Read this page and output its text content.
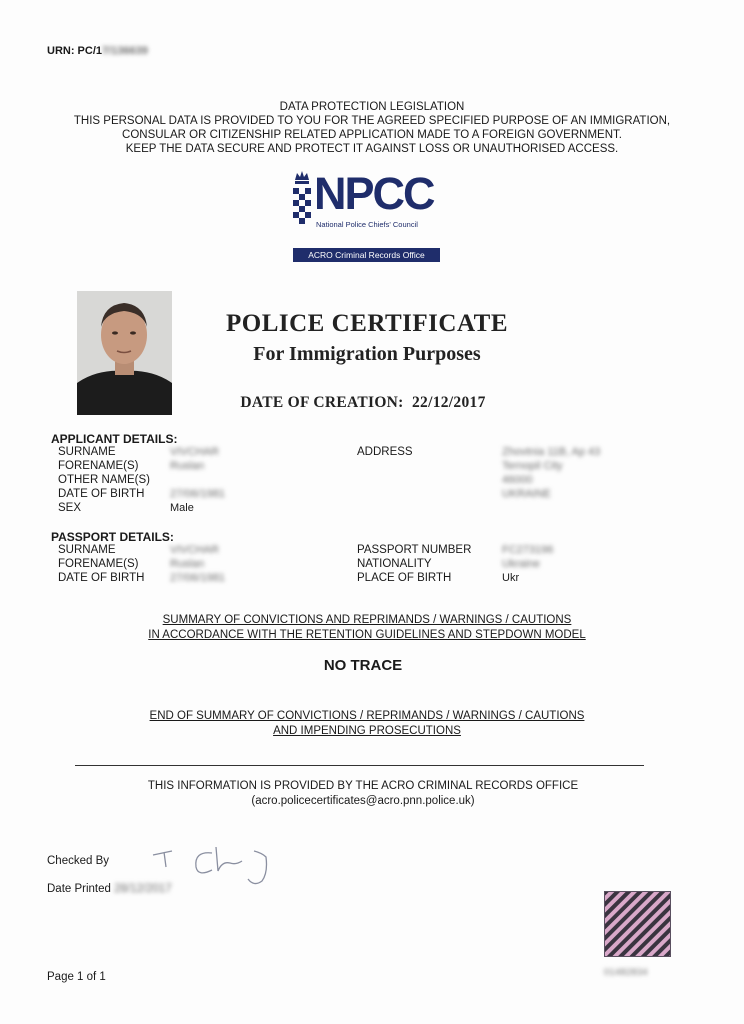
URN: PC/17/136639
DATA PROTECTION LEGISLATION
THIS PERSONAL DATA IS PROVIDED TO YOU FOR THE AGREED SPECIFIED PURPOSE OF AN IMMIGRATION,
CONSULAR OR CITIZENSHIP RELATED APPLICATION MADE TO A FOREIGN GOVERNMENT.
KEEP THE DATA SECURE AND PROTECT IT AGAINST LOSS OR UNAUTHORISED ACCESS.
NPCC
National Police Chiefs' Council
ACRO Criminal Records Office
POLICE CERTIFICATE
For Immigration Purposes
DATE OF CREATION: 22/12/2017
APPLICANT DETAILS:
SURNAME	VIVCHAR
FORENAME(S)	Ruslan
OTHER NAME(S)
DATE OF BIRTH 27/06/1981
SEX	Male
ADDRESS	Zhovtnia 11B, Ap 43
Ternopil City
46000
UKRAINE
PASSPORT DETAILS:
SURNAME	VIVCHAR
FORENAME(S)	Ruslan
DATE OF BIRTH 27/06/1981
PASSPORT NUMBER	FC273196
NATIONALITY	Ukraine
PLACE OF BIRTH	Ukr
SUMMARY OF CONVICTIONS AND REPRIMANDS / WARNINGS / CAUTIONS
IN ACCORDANCE WITH THE RETENTION GUIDELINES AND STEPDOWN MODEL
NO TRACE
END OF SUMMARY OF CONVICTIONS / REPRIMANDS / WARNINGS / CAUTIONS
AND IMPENDING PROSECUTIONS
THIS INFORMATION IS PROVIDED BY THE ACRO CRIMINAL RECORDS OFFICE
(acro.policecertificates@acro.pnn.police.uk)
Checked By
Date Printed 28/12/2017
01482834
Page 1 of 1
